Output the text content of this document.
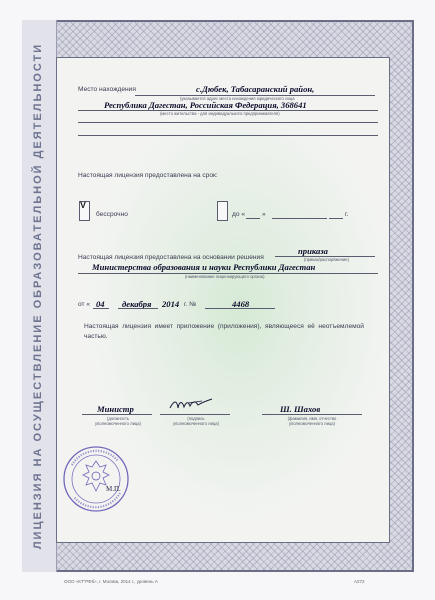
ЛИЦЕНЗИЯ НА ОСУЩЕСТВЛЕНИЕ ОБРАЗОВАТЕЛЬНОЙ ДЕЯТЕЛЬНОСТИ	Место нахождения	с.Дюбек, Табасаранский район,
(указывается адрес места нахождения юридического лица
Республика Дагестан, Российская Федерация, 368641
(место жительства - для индивидуального предпринимателя)
Настоящая лицензия предоставлена на срок:
V
бессрочно	до «	»	г.
Настоящая лицензия предоставлена на основании решения
приказа
(приказ/распоряжение)
Министерства образования и науки Республики Дагестан
(наименование лицензирующего органа)
от « 04 декабря 2014 г. №	4468
Настоящая лицензия имеет приложение (приложения), являющееся её неотъемлемой частью.
Министр
(должность уполномоченного лица)
(подпись уполномоченного лица)
Ш. Шахов
(фамилия, имя, отчество уполномоченного лица)
М.П.
ООО «КТ"РФб», г. Москва, 2014 г., уровень А	А272
